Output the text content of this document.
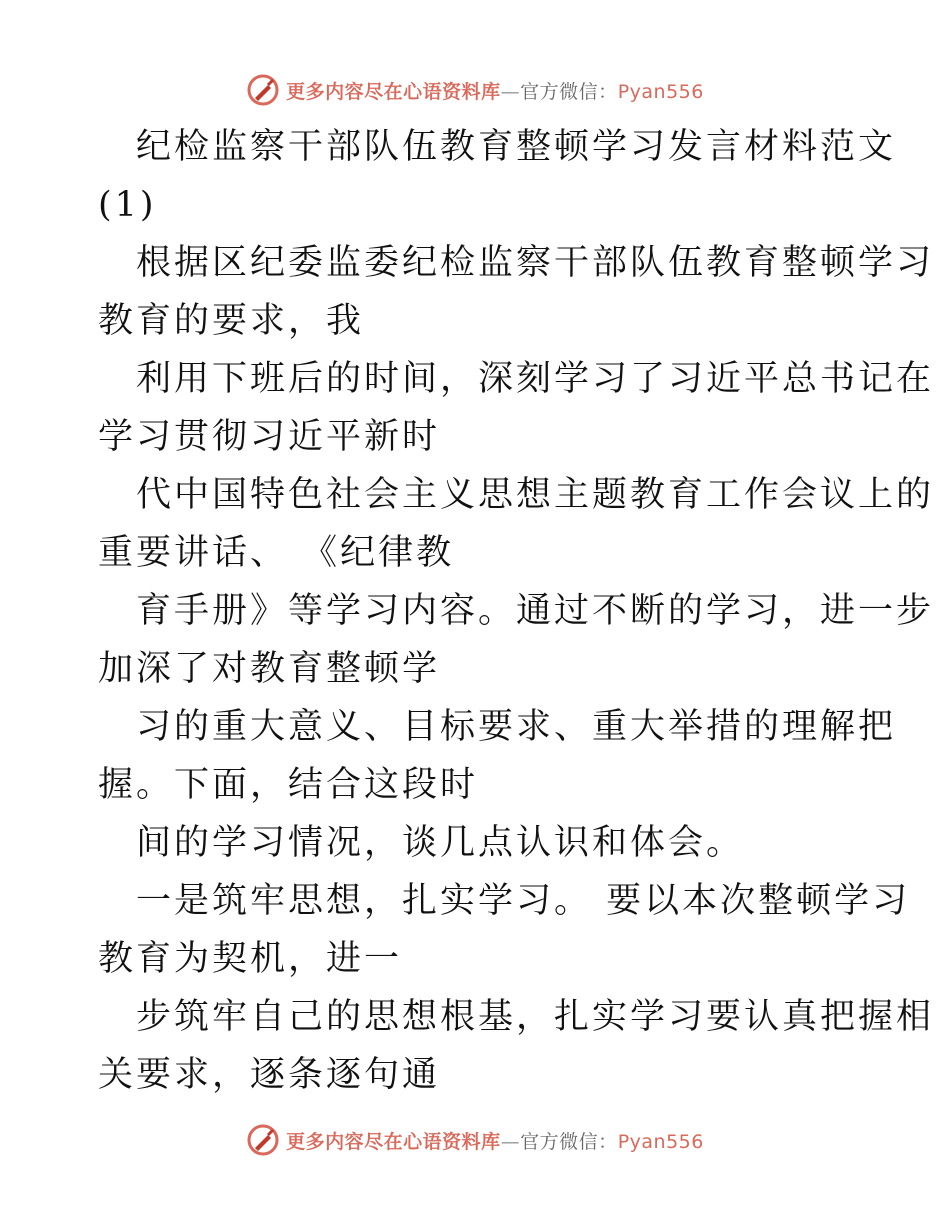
更多内容尽在心语资料库—官方微信：Pyan556
纪检监察干部队伍教育整顿学习发言材料范文
(1)
根据区纪委监委纪检监察干部队伍教育整顿学习
教育的要求，我
利用下班后的时间，深刻学习了习近平总书记在
学习贯彻习近平新时
代中国特色社会主义思想主题教育工作会议上的
重要讲话、 《纪律教
育手册》等学习内容。通过不断的学习，进一步
加深了对教育整顿学
习的重大意义、目标要求、重大举措的理解把
握。下面，结合这段时
间的学习情况，谈几点认识和体会。
一是筑牢思想，扎实学习。 要以本次整顿学习
教育为契机，进一
步筑牢自己的思想根基，扎实学习要认真把握相
关要求，逐条逐句通
更多内容尽在心语资料库—官方微信：Pyan556
